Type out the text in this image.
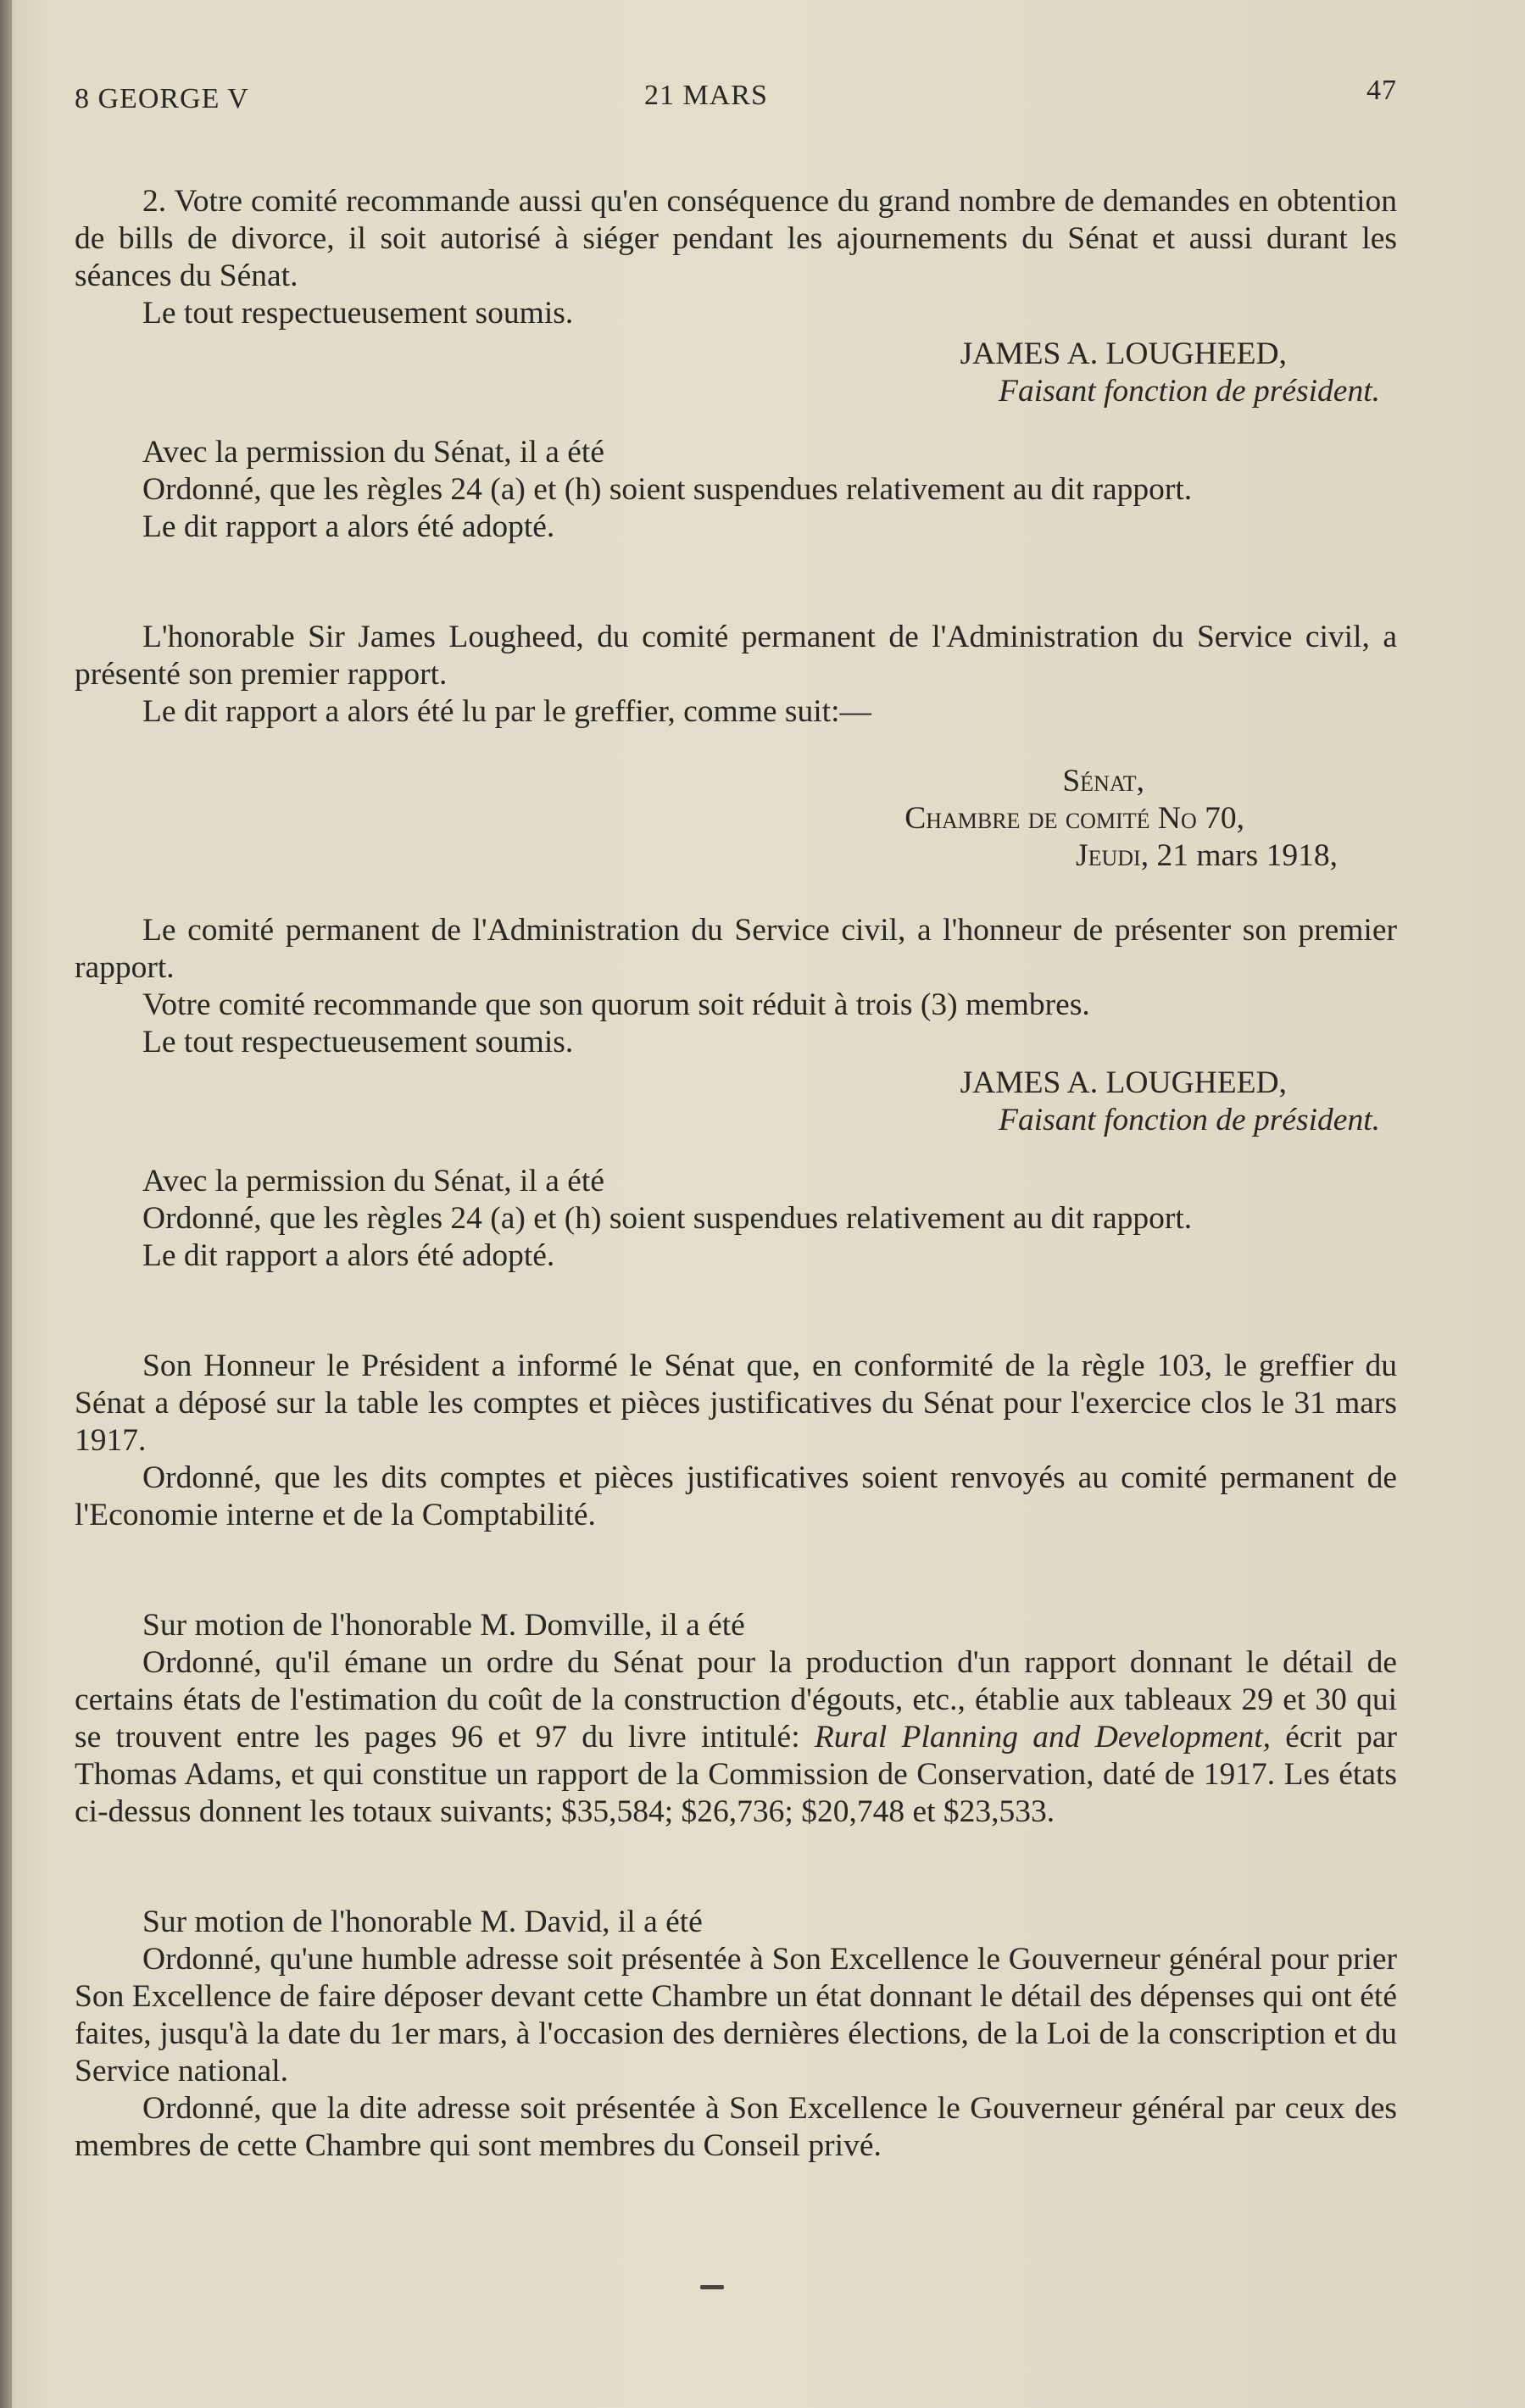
8 GEORGE V	21 MARS	47

2. Votre comité recommande aussi qu'en conséquence du grand nombre de demandes en obtention de bills de divorce, il soit autorisé à siéger pendant les ajournements du Sénat et aussi durant les séances du Sénat.

Le tout respectueusement soumis.

JAMES A. LOUGHEED,
Faisant fonction de président.

Avec la permission du Sénat, il a été

Ordonné, que les règles 24 (a) et (h) soient suspendues relativement au dit rapport.

Le dit rapport a alors été adopté.

L'honorable Sir James Lougheed, du comité permanent de l'Administration du Service civil, a présenté son premier rapport.

Le dit rapport a alors été lu par le greffier, comme suit:—

Sénat,
Chambre de comité No 70,
Jeudi, 21 mars 1918,

Le comité permanent de l'Administration du Service civil, a l'honneur de présenter son premier rapport.

Votre comité recommande que son quorum soit réduit à trois (3) membres.

Le tout respectueusement soumis.

JAMES A. LOUGHEED,
Faisant fonction de président.

Avec la permission du Sénat, il a été

Ordonné, que les règles 24 (a) et (h) soient suspendues relativement au dit rapport.

Le dit rapport a alors été adopté.

Son Honneur le Président a informé le Sénat que, en conformité de la règle 103, le greffier du Sénat a déposé sur la table les comptes et pièces justificatives du Sénat pour l'exercice clos le 31 mars 1917.

Ordonné, que les dits comptes et pièces justificatives soient renvoyés au comité permanent de l'Economie interne et de la Comptabilité.

Sur motion de l'honorable M. Domville, il a été

Ordonné, qu'il émane un ordre du Sénat pour la production d'un rapport donnant le détail de certains états de l'estimation du coût de la construction d'égouts, etc., établie aux tableaux 29 et 30 qui se trouvent entre les pages 96 et 97 du livre intitulé: Rural Planning and Development, écrit par Thomas Adams, et qui constitue un rapport de la Commission de Conservation, daté de 1917. Les états ci-dessus donnent les totaux suivants; $35,584; $26,736; $20,748 et $23,533.

Sur motion de l'honorable M. David, il a été

Ordonné, qu'une humble adresse soit présentée à Son Excellence le Gouverneur général pour prier Son Excellence de faire déposer devant cette Chambre un état donnant le détail des dépenses qui ont été faites, jusqu'à la date du 1er mars, à l'occasion des dernières élections, de la Loi de la conscription et du Service national.

Ordonné, que la dite adresse soit présentée à Son Excellence le Gouverneur général par ceux des membres de cette Chambre qui sont membres du Conseil privé.
